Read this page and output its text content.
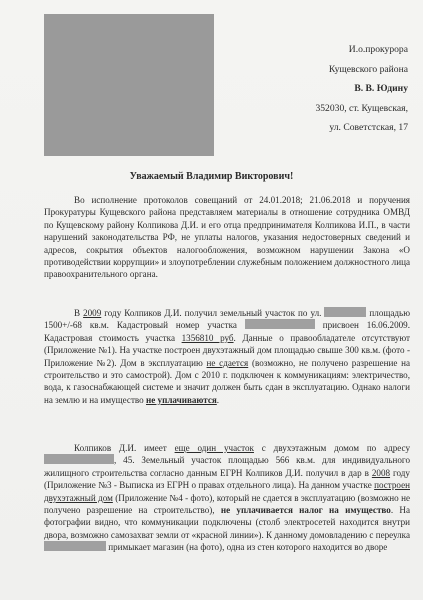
И.о.прокурора
Кущевского района
В. В. Юдину
352030, ст. Кущевская,
ул. Советстская, 17
Уважаемый Владимир Викторович!
Во исполнение протоколов совещаний от 24.01.2018; 21.06.2018 и поручения Прокуратуры Кущевского района представляем материалы в отношение сотрудника ОМВД по Кущевскому району Колпикова Д.И. и его отца предпринимателя Колпикова И.П., в части нарушений законодательства РФ, не уплаты налогов, указания недостоверных сведений и адресов, сокрытия объектов налогообложения, возможном нарушении Закона «О противодействии коррупции» и злоупотреблении служебным положением должностного лица правоохранительного органа.
В 2009 году Колпиков Д.И. получил земельный участок по ул.	площадью 1500+/-68 кв.м. Кадастровый номер участка	присвоен 16.06.2009. Кадастровая стоимость участка 1356810 руб. Данные о правообладателе отсутствуют (Приложение №1). На участке построен двухэтажный дом площадью свыше 300 кв.м. (фото - Приложение №2). Дом в эксплуатацию не сдается (возможно, не получено разрешение на строительство и это самострой). Дом с 2010 г. подключен к коммуникациям: электричество, вода, к газоснабжающей системе и значит должен быть сдан в эксплуатацию. Однако налоги на землю и на имущество не уплачиваются.
Колпиков Д.И. имеет еще один участок с двухэтажным домом по адресу , 45. Земельный участок площадью 566 кв.м. для индивидуального жилищного строительства согласно данным ЕГРН Колпиков Д.И. получил в дар в 2008 году (Приложение №3 - Выписка из ЕГРН о правах отдельного лица). На данном участке построен двухэтажный дом (Приложение №4 - фото), который не сдается в эксплуатацию (возможно не получено разрешение на строительство), не уплачивается налог на имущество. На фотографии видно, что коммуникации подключены (столб электросетей находится внутри двора, возможно самозахват земли от «красной линии»). К данному домовладению с переулка  примыкает магазин (на фото), одна из стен которого находится во дворе
